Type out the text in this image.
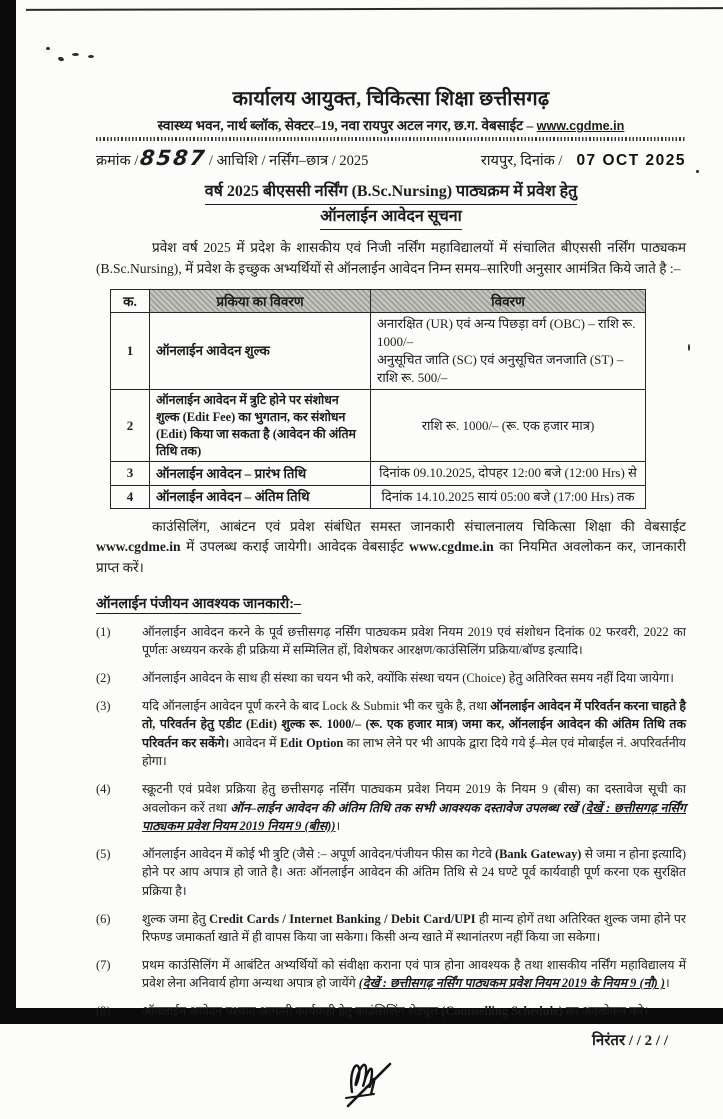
कार्यालय आयुक्त, चिकित्सा शिक्षा छत्तीसगढ़
स्वास्थ्य भवन, नार्थ ब्लॉक, सेक्टर–19, नवा रायपुर अटल नगर, छ.ग. वेबसाईट – www.cgdme.in
क्रमांक / 8587 / आचिशि / नर्सिंग–छात्र / 2025	रायपुर, दिनांक / 07 OCT 2025
वर्ष 2025 बीएससी नर्सिंग (B.Sc.Nursing) पाठ्यक्रम में प्रवेश हेतु
ऑनलाईन आवेदन सूचना
प्रवेश वर्ष 2025 में प्रदेश के शासकीय एवं निजी नर्सिंग महाविद्यालयों में संचालित बीएससी नर्सिंग पाठ्यकम (B.Sc.Nursing), में प्रवेश के इच्छुक अभ्यर्थियों से ऑनलाईन आवेदन निम्न समय–सारिणी अनुसार आमंत्रित किये जाते है :–
क.	प्रकिया का विवरण	विवरण
1	ऑनलाईन आवेदन शुल्क	अनारक्षित (UR) एवं अन्य पिछड़ा वर्ग (OBC) – राशि रू. 1000/–
अनुसूचित जाति (SC) एवं अनुसूचित जनजाति (ST) – राशि रू. 500/–

2	ऑनलाईन आवेदन में त्रुटि होने पर संशोधन शुल्क (Edit Fee) का भुगतान, कर संशोधन (Edit) किया जा सकता है (आवेदन की अंतिम तिथि तक)	राशि रू. 1000/– (रू. एक हजार मात्र)
3	ऑनलाईन आवेदन – प्रारंभ तिथि	दिनांक 09.10.2025, दोपहर 12:00 बजे (12:00 Hrs) से
4	ऑनलाईन आवेदन – अंतिम तिथि	दिनांक 14.10.2025 सायं 05:00 बजे (17:00 Hrs) तक
काउंसिलिंग, आबंटन एवं प्रवेश संबंधित समस्त जानकारी संचालनालय चिकित्सा शिक्षा की वेबसाईट www.cgdme.in में उपलब्ध कराई जायेगी। आवेदक वेबसाईट www.cgdme.in का नियमित अवलोकन कर, जानकारी प्राप्त करें।
ऑनलाईन पंजीयन आवश्यक जानकारी:–
(1)	ऑनलाईन आवेदन करने के पूर्व छत्तीसगढ़ नर्सिंग पाठ्यकम प्रवेश नियम 2019 एवं संशोधन दिनांक 02 फरवरी, 2022 का पूर्णतः अध्ययन करके ही प्रक्रिया में सम्मिलित हों, विशेषकर आरक्षण/काउंसिलिंग प्रक्रिया/बॉण्ड इत्यादि।
(2)	ऑनलाईन आवेदन के साथ ही संस्था का चयन भी करे, क्योंकि संस्था चयन (Choice) हेतु अतिरिक्त समय नहीं दिया जायेगा।
(3)	यदि ऑनलाईन आवेदन पूर्ण करने के बाद Lock & Submit भी कर चुके है, तथा ऑनलाईन आवेदन में परिवर्तन करना चाहते है तो, परिवर्तन हेतु एडीट (Edit) शुल्क रू. 1000/– (रू. एक हजार मात्र) जमा कर, ऑनलाईन आवेदन की अंतिम तिथि तक परिवर्तन कर सकेंगे। आवेदन में Edit Option का लाभ लेने पर भी आपके द्वारा दिये गये ई–मेल एवं मोबाईल नं. अपरिवर्तनीय होगा।
(4)	स्क्रूटनी एवं प्रवेश प्रक्रिया हेतु छत्तीसगढ़ नर्सिंग पाठ्यकम प्रवेश नियम 2019 के नियम 9 (बीस) का दस्तावेज सूची का अवलोकन करें तथा ऑन–लाईन आवेदन की अंतिम तिथि तक सभी आवश्यक दस्तावेज उपलब्ध रखें (देखें : छत्तीसगढ़ नर्सिंग पाठ्यकम प्रवेश नियम 2019 नियम 9 (बीस))।
(5)	ऑनलाईन आवेदन में कोई भी त्रुटि (जैसे :– अपूर्ण आवेदन/पंजीयन फीस का गेटवे (Bank Gateway) से जमा न होना इत्यादि) होने पर आप अपात्र हो जाते है। अतः ऑनलाईन आवेदन की अंतिम तिथि से 24 घण्टे पूर्व कार्यवाही पूर्ण करना एक सुरक्षित प्रक्रिया है।
(6)	शुल्क जमा हेतु Credit Cards / Internet Banking / Debit Card/UPI ही मान्य होगें तथा अतिरिक्त शुल्क जमा होने पर रिफण्ड जमाकर्ता खाते में ही वापस किया जा सकेगा। किसी अन्य खाते में स्थानांतरण नहीं किया जा सकेगा।
(7)	प्रथम काउंसिलिंग में आबंटित अभ्यर्थियों को संवीक्षा कराना एवं पात्र होना आवश्यक है तथा शासकीय नर्सिंग महाविद्यालय में प्रवेश लेना अनिवार्य होगा अन्यथा अपात्र हो जायेंगे (देखें : छत्तीसगढ़ नर्सिंग पाठ्यकम प्रवेश नियम 2019 के नियम 9 (नौ) )।
(8)	ऑनलाईन आवेदन पश्चात् आगामी कार्यवाही हेतु काउंसिलिंग शेड्यूल (Counselling Schedule) का अवलोकन करे।
निरंतर / / 2 / /
